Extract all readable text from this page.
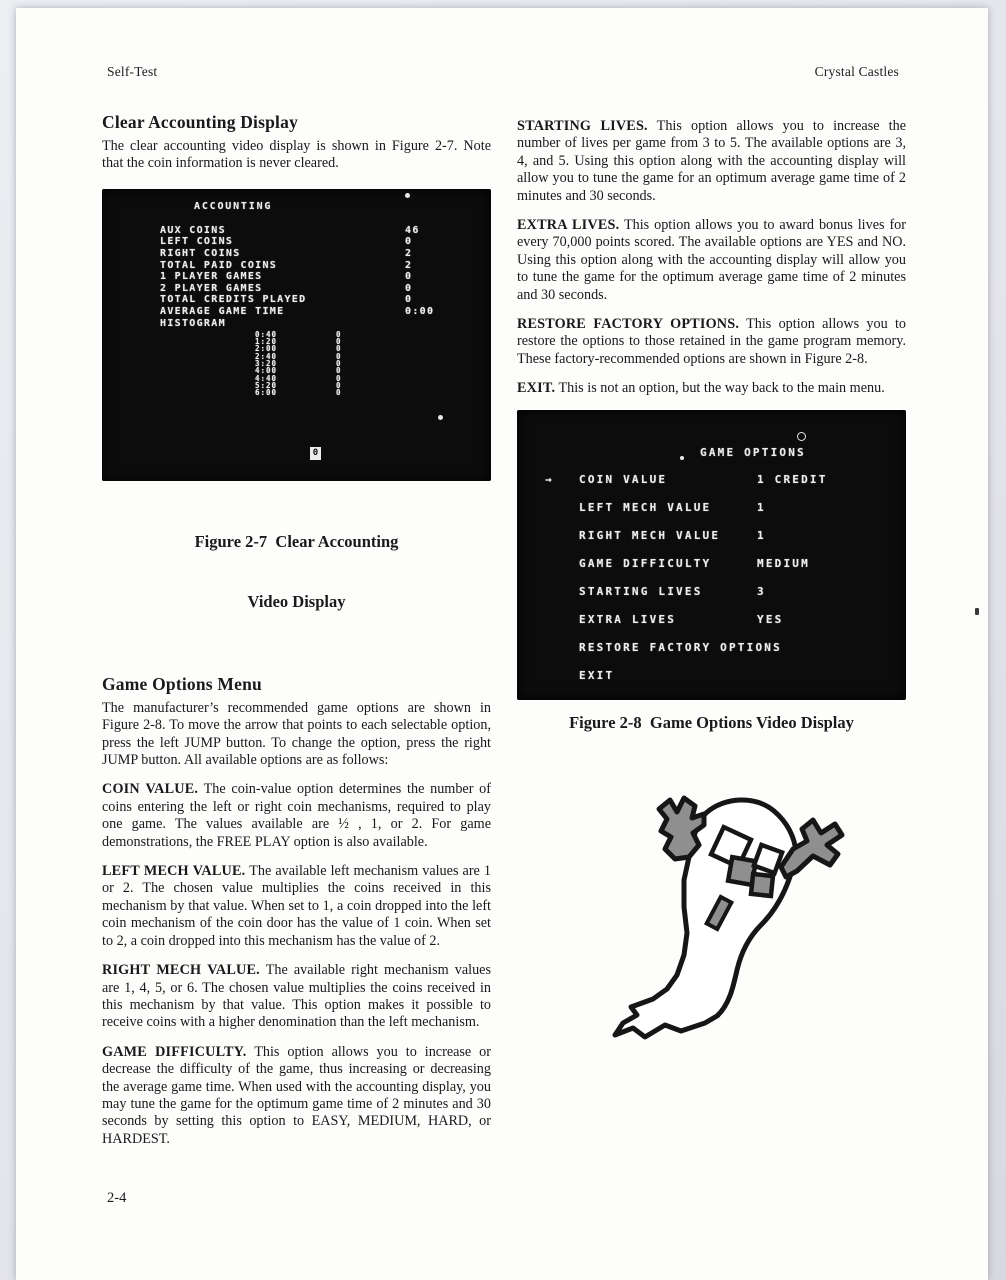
Self-Test	Crystal Castles
Clear Accounting Display

The clear accounting video display is shown in Figure 2-7. Note that the coin information is never cleared.

ACCOUNTING
AUX COINS	46
LEFT COINS	0
RIGHT COINS	2
TOTAL PAID COINS	2
1 PLAYER GAMES	0
2 PLAYER GAMES	0
TOTAL CREDITS PLAYED	0
AVERAGE GAME TIME	0:00
HISTOGRAM
0:40	0
1:20	0
2:00	0
2:40	0
3:20	0
4:00	0
4:40	0
5:20	0
6:00	0
0

Figure 2-7  Clear Accounting

Video Display

Game Options Menu

The manufacturer’s recommended game options are shown in Figure 2-8. To move the arrow that points to each selectable option, press the left JUMP button. To change the option, press the right JUMP button. All available options are as follows:

COIN VALUE. The coin-value option determines the number of coins entering the left or right coin mechanisms, required to play one game. The values available are ½ , 1, or 2. For game demonstrations, the FREE PLAY option is also available.

LEFT MECH VALUE. The available left mechanism values are 1 or 2. The chosen value multiplies the coins received in this mechanism by that value. When set to 1, a coin dropped into the left coin mechanism of the coin door has the value of 1 coin. When set to 2, a coin dropped into this mechanism has the value of 2.

RIGHT MECH VALUE. The available right mechanism values are 1, 4, 5, or 6. The chosen value multiplies the coins received in this mechanism by that value. This option makes it possible to receive coins with a higher denomination than the left mechanism.

GAME DIFFICULTY. This option allows you to increase or decrease the difficulty of the game, thus increasing or decreasing the average game time. When used with the accounting display, you may tune the game for the optimum game time of 2 minutes and 30 seconds by setting this option to EASY, MEDIUM, HARD, or HARDEST.

STARTING LIVES. This option allows you to increase the number of lives per game from 3 to 5. The available options are 3, 4, and 5. Using this option along with the accounting display will allow you to tune the game for an optimum average game time of 2 minutes and 30 seconds.

EXTRA LIVES. This option allows you to award bonus lives for every 70,000 points scored. The available options are YES and NO. Using this option along with the accounting display will allow you to tune the game for the optimum average game time of 2 minutes and 30 seconds.

RESTORE FACTORY OPTIONS. This option allows you to restore the options to those retained in the game program memory. These factory-recommended options are shown in Figure 2-8.

EXIT. This is not an option, but the way back to the main menu.

GAME OPTIONS
→	COIN VALUE	1 CREDIT
LEFT MECH VALUE	1
RIGHT MECH VALUE	1
GAME DIFFICULTY	MEDIUM
STARTING LIVES	3
EXTRA LIVES	YES
RESTORE FACTORY OPTIONS
EXIT
Figure 2-8  Game Options Video Display
2-4
